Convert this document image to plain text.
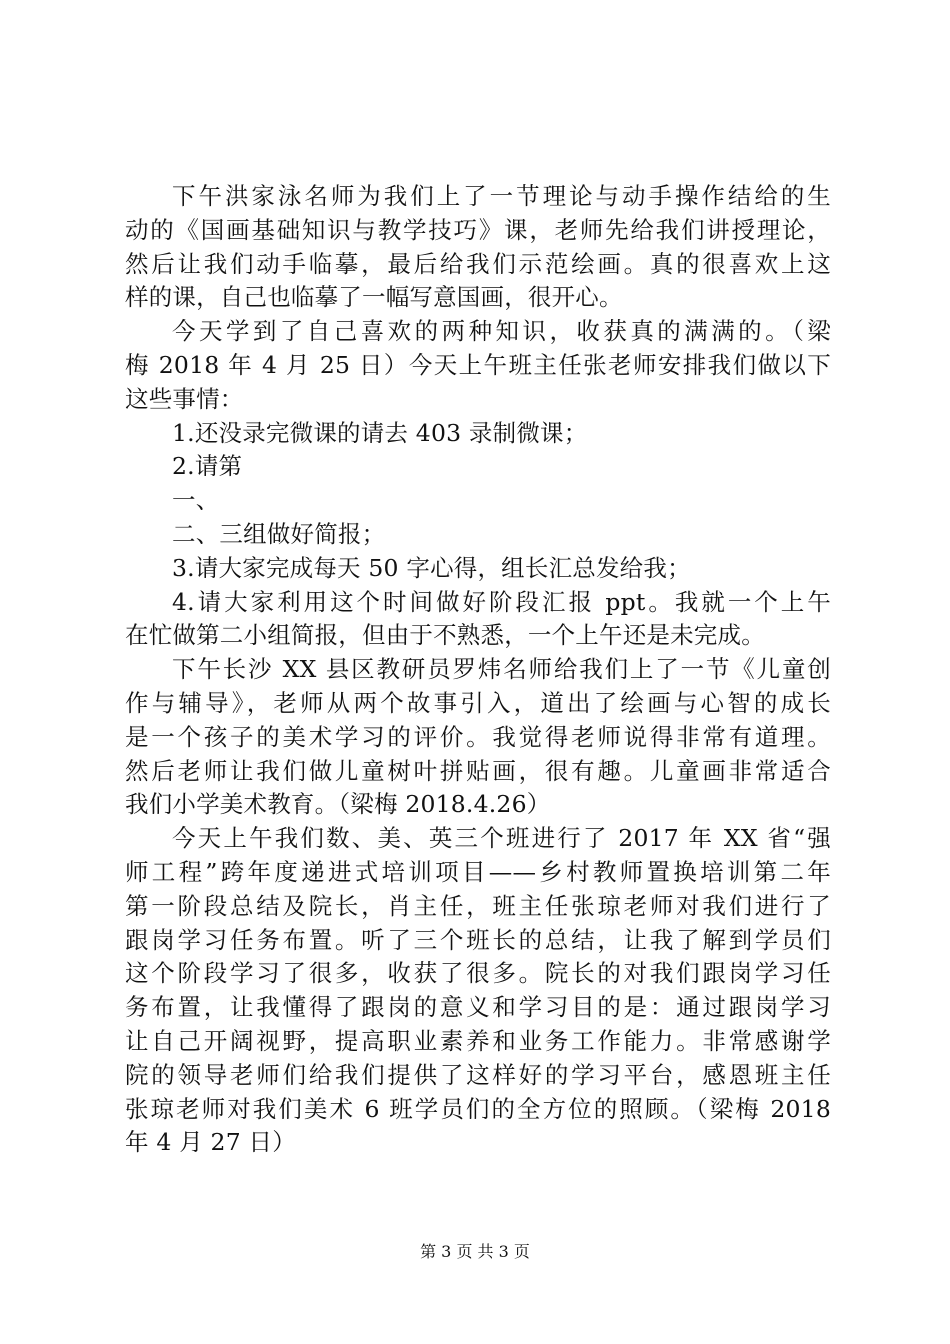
下午洪家泳名师为我们上了一节理论与动手操作结给的生
动的《国画基础知识与教学技巧》课，老师先给我们讲授理论，
然后让我们动手临摹，最后给我们示范绘画。真的很喜欢上这
样的课，自己也临摹了一幅写意国画，很开心。
今天学到了自己喜欢的两种知识，收获真的满满的。（梁
梅 2018 年 4 月 25 日）今天上午班主任张老师安排我们做以下
这些事情：
1.还没录完微课的请去 403 录制微课；
2.请第
一、
二、三组做好简报；
3.请大家完成每天 50 字心得，组长汇总发给我；
4.请大家利用这个时间做好阶段汇报 ppt。我就一个上午
在忙做第二小组简报，但由于不熟悉，一个上午还是未完成。
下午长沙 XX 县区教研员罗炜名师给我们上了一节《儿童创
作与辅导》，老师从两个故事引入，道出了绘画与心智的成长
是一个孩子的美术学习的评价。我觉得老师说得非常有道理。
然后老师让我们做儿童树叶拼贴画，很有趣。儿童画非常适合
我们小学美术教育。（梁梅 2018.4.26）
今天上午我们数、美、英三个班进行了 2017 年 XX 省“强
师工程”跨年度递进式培训项目——乡村教师置换培训第二年
第一阶段总结及院长，肖主任，班主任张琼老师对我们进行了
跟岗学习任务布置。听了三个班长的总结，让我了解到学员们
这个阶段学习了很多，收获了很多。院长的对我们跟岗学习任
务布置，让我懂得了跟岗的意义和学习目的是：通过跟岗学习
让自己开阔视野，提高职业素养和业务工作能力。非常感谢学
院的领导老师们给我们提供了这样好的学习平台，感恩班主任
张琼老师对我们美术 6 班学员们的全方位的照顾。（梁梅 2018
年 4 月 27 日）
第 3 页 共 3 页
